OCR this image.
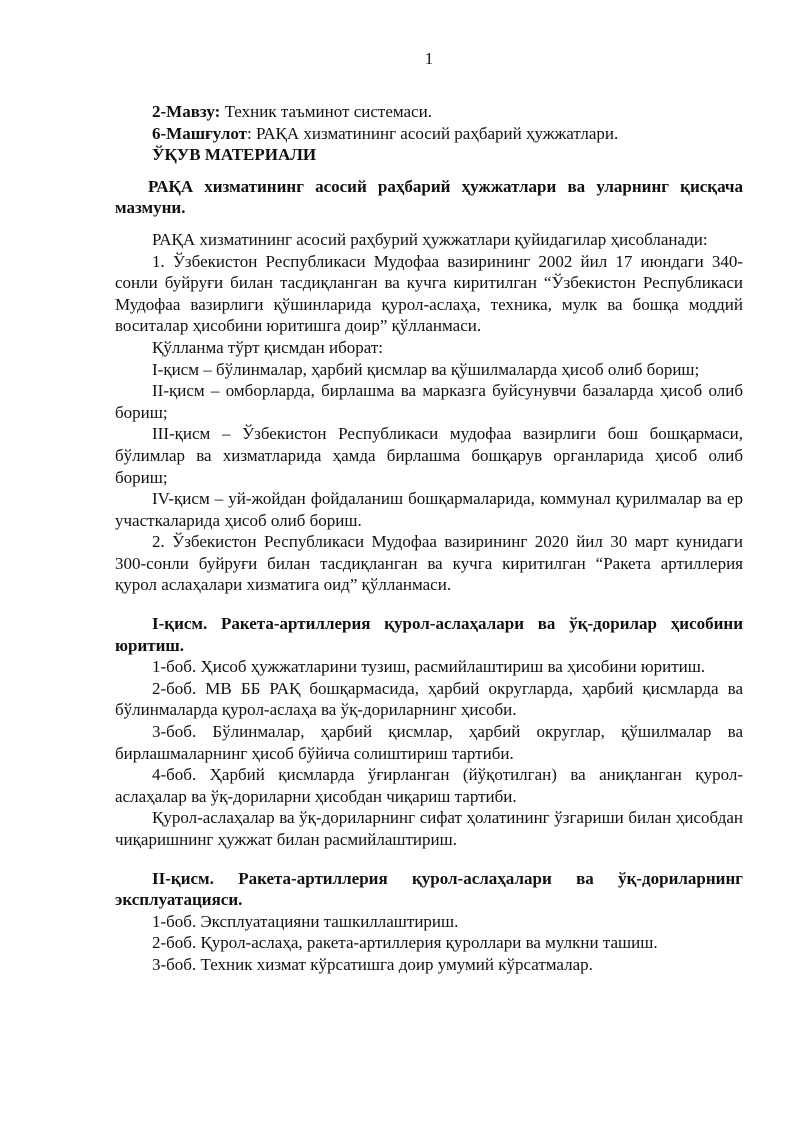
1

2-Мавзу: Техник таъминот системаси.

6-Машғулот: РАҚА хизматининг асосий раҳбарий ҳужжатлари.

ЎҚУВ МАТЕРИАЛИ

РАҚА хизматининг асосий раҳбарий ҳужжатлари ва уларнинг қисқача мазмуни.

РАҚА хизматининг асосий раҳбурий ҳужжатлари қуйидагилар ҳисобланади:

1. Ўзбекистон Республикаси Мудофаа вазирининг 2002 йил 17 июндаги 340-сонли буйруғи билан тасдиқланган ва кучга киритилган “Ўзбекистон Республикаси Мудофаа вазирлиги қўшинларида қурол-аслаҳа, техника, мулк ва бошқа моддий воситалар ҳисобини юритишга доир” қўлланмаси.

Қўлланма тўрт қисмдан иборат:

I-қисм – бўлинмалар, ҳарбий қисмлар ва қўшилмаларда ҳисоб олиб бориш;

II-қисм – омборларда, бирлашма ва марказга буйсунувчи базаларда ҳисоб олиб бориш;

III-қисм – Ўзбекистон Республикаси мудофаа вазирлиги бош бошқармаси, бўлимлар ва хизматларида ҳамда бирлашма бошқарув органларида ҳисоб олиб бориш;

IV-қисм – уй-жойдан фойдаланиш бошқармаларида, коммунал қурилмалар ва ер участкаларида ҳисоб олиб бориш.

2. Ўзбекистон Республикаси Мудофаа вазирининг 2020 йил 30 март кунидаги 300-сонли буйруғи билан тасдиқланган ва кучга киритилган “Ракета артиллерия қурол аслаҳалари хизматига оид” қўлланмаси.

I-қисм. Ракета-артиллерия қурол-аслаҳалари ва ўқ-дорилар ҳисобини юритиш.

1-боб. Ҳисоб ҳужжатларини тузиш, расмийлаштириш ва ҳисобини юритиш.

2-боб. МВ ББ РАҚ бошқармасида, ҳарбий округларда, ҳарбий қисмларда ва бўлинмаларда қурол-аслаҳа ва ўқ-дориларнинг ҳисоби.

3-боб. Бўлинмалар, ҳарбий қисмлар, ҳарбий округлар, қўшилмалар ва бирлашмаларнинг ҳисоб бўйича солиштириш тартиби.

4-боб. Ҳарбий қисмларда ўғирланган (йўқотилган) ва аниқланган қурол-аслаҳалар ва ўқ-дориларни ҳисобдан чиқариш тартиби.

Қурол-аслаҳалар ва ўқ-дориларнинг сифат ҳолатининг ўзгариши билан ҳисобдан чиқаришнинг ҳужжат билан расмийлаштириш.

II-қисм. Ракета-артиллерия қурол-аслаҳалари ва ўқ-дориларнинг эксплуатацияси.

1-боб. Эксплуатацияни ташкиллаштириш.

2-боб. Қурол-аслаҳа, ракета-артиллерия қуроллари ва мулкни ташиш.

3-боб. Техник хизмат кўрсатишга доир умумий кўрсатмалар.
